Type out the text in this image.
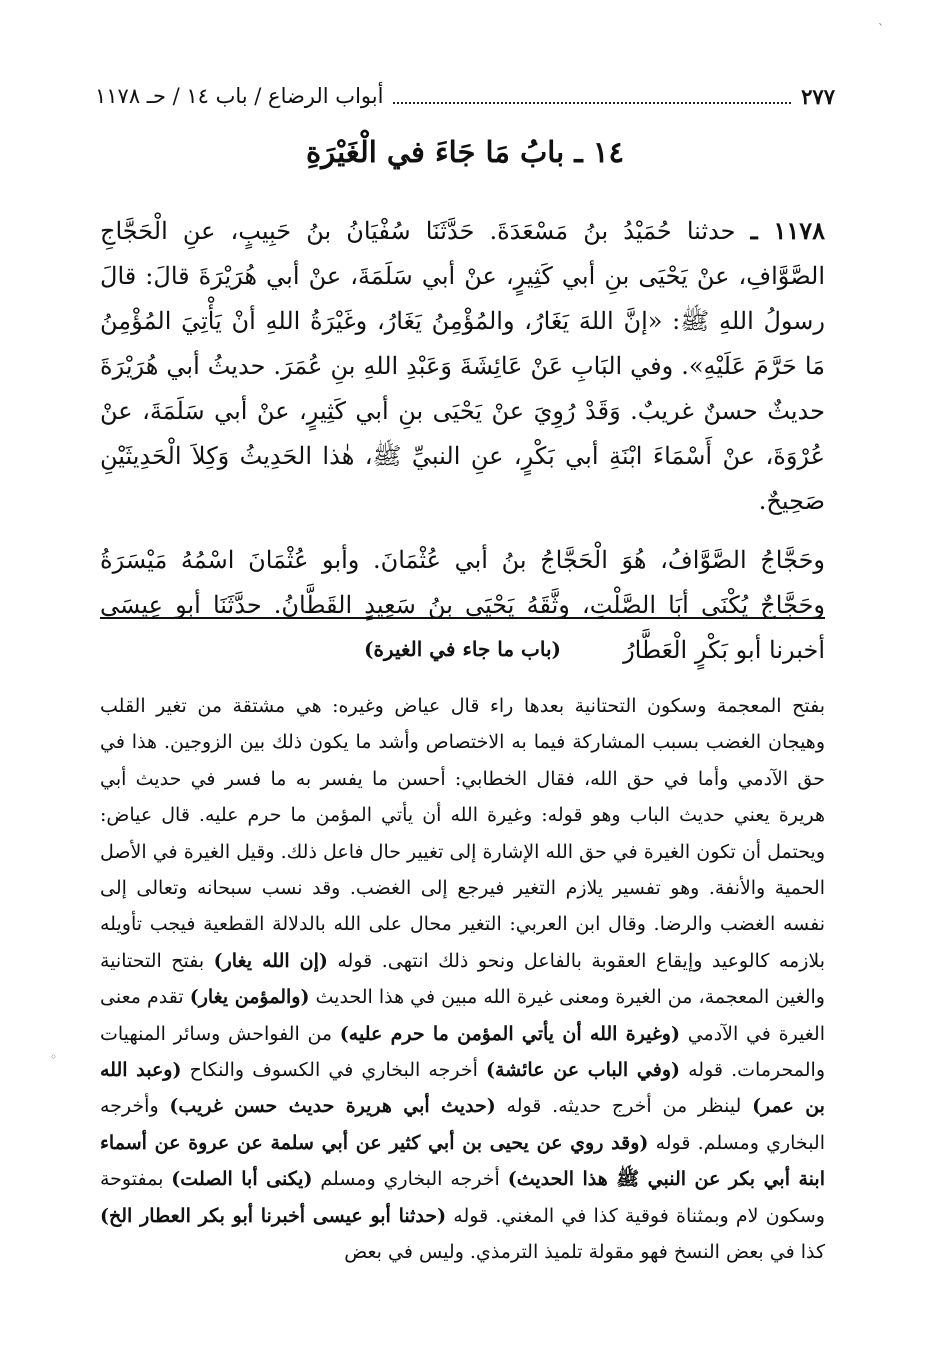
أبواب الرضاع / باب ١٤ / حـ ١١٧٨	٢٧٧
١٤ ـ بابُ مَا جَاءَ في الْغَيْرَةِ

١١٧٨ ـ حدثنا حُمَيْدُ بنُ مَسْعَدَةَ. حَدَّثَنَا سُفْيَانُ بنُ حَبِيبٍ، عنِ الْحَجَّاجِ الصَّوَّافِ، عنْ يَحْيَى بنِ أبي كَثِيرٍ، عنْ أبي سَلَمَةَ، عنْ أبي هُرَيْرَةَ قالَ: قالَ رسولُ اللهِ ﷺ: «إنَّ اللهَ يَغَارُ، والمُؤْمِنُ يَغَارُ، وغَيْرَةُ اللهِ أنْ يَأْتِيَ المُؤْمِنُ مَا حَرَّمَ عَلَيْهِ». وفي البَابِ عَنْ عَائِشَةَ وَعَبْدِ اللهِ بنِ عُمَرَ. حديثُ أبي هُرَيْرَةَ حديثٌ حسنٌ غريبٌ. وَقَدْ رُوِيَ عنْ يَحْيَى بنِ أبي كَثِيرٍ، عنْ أبي سَلَمَةَ، عنْ عُرْوَةَ، عنْ أَسْمَاءَ ابْنَةِ أبي بَكْرٍ، عنِ النبيِّ ﷺ، هٰذا الحَدِيثُ وَكِلاَ الْحَدِيثَيْنِ صَحِيحٌ.

وحَجَّاجُ الصَّوَّافُ، هُوَ الْحَجَّاجُ بنُ أبي عُثْمَانَ. وأبو عُثْمَانَ اسْمُهُ مَيْسَرَةُ وحَجَّاجٌ يُكْنَى أبَا الصَّلْتِ، وثَّقَهُ يَحْيَى بنُ سَعِيدٍ القَطَّانُ. حدَّثَنَا أبو عِيسَى أخبرنا أبو بَكْرٍ الْعَطَّارُ

(باب ما جاء في الغيرة)

بفتح المعجمة وسكون التحتانية بعدها راء قال عياض وغيره: هي مشتقة من تغير القلب وهيجان الغضب بسبب المشاركة فيما به الاختصاص وأشد ما يكون ذلك بين الزوجين. هذا في حق الآدمي وأما في حق الله، فقال الخطابي: أحسن ما يفسر به ما فسر في حديث أبي هريرة يعني حديث الباب وهو قوله: وغيرة الله أن يأتي المؤمن ما حرم عليه. قال عياض: ويحتمل أن تكون الغيرة في حق الله الإشارة إلى تغيير حال فاعل ذلك. وقيل الغيرة في الأصل الحمية والأنفة. وهو تفسير يلازم التغير فيرجع إلى الغضب. وقد نسب سبحانه وتعالى إلى نفسه الغضب والرضا. وقال ابن العربي: التغير محال على الله بالدلالة القطعية فيجب تأويله بلازمه كالوعيد وإيقاع العقوبة بالفاعل ونحو ذلك انتهى. قوله (إن الله يغار) بفتح التحتانية والغين المعجمة، من الغيرة ومعنى غيرة الله مبين في هذا الحديث (والمؤمن يغار) تقدم معنى الغيرة في الآدمي (وغيرة الله أن يأتي المؤمن ما حرم عليه) من الفواحش وسائر المنهيات والمحرمات. قوله (وفي الباب عن عائشة) أخرجه البخاري في الكسوف والنكاح (وعبد الله بن عمر) لينظر من أخرج حديثه. قوله (حديث أبي هريرة حديث حسن غريب) وأخرجه البخاري ومسلم. قوله (وقد روي عن يحيى بن أبي كثير عن أبي سلمة عن عروة عن أسماء ابنة أبي بكر عن النبي ﷺ هذا الحديث) أخرجه البخاري ومسلم (يكنى أبا الصلت) بمفتوحة وسكون لام وبمثناة فوقية كذا في المغني. قوله (حدثنا أبو عيسى أخبرنا أبو بكر العطار الخ) كذا في بعض النسخ فهو مقولة تلميذ الترمذي. وليس في بعض

`
◦
